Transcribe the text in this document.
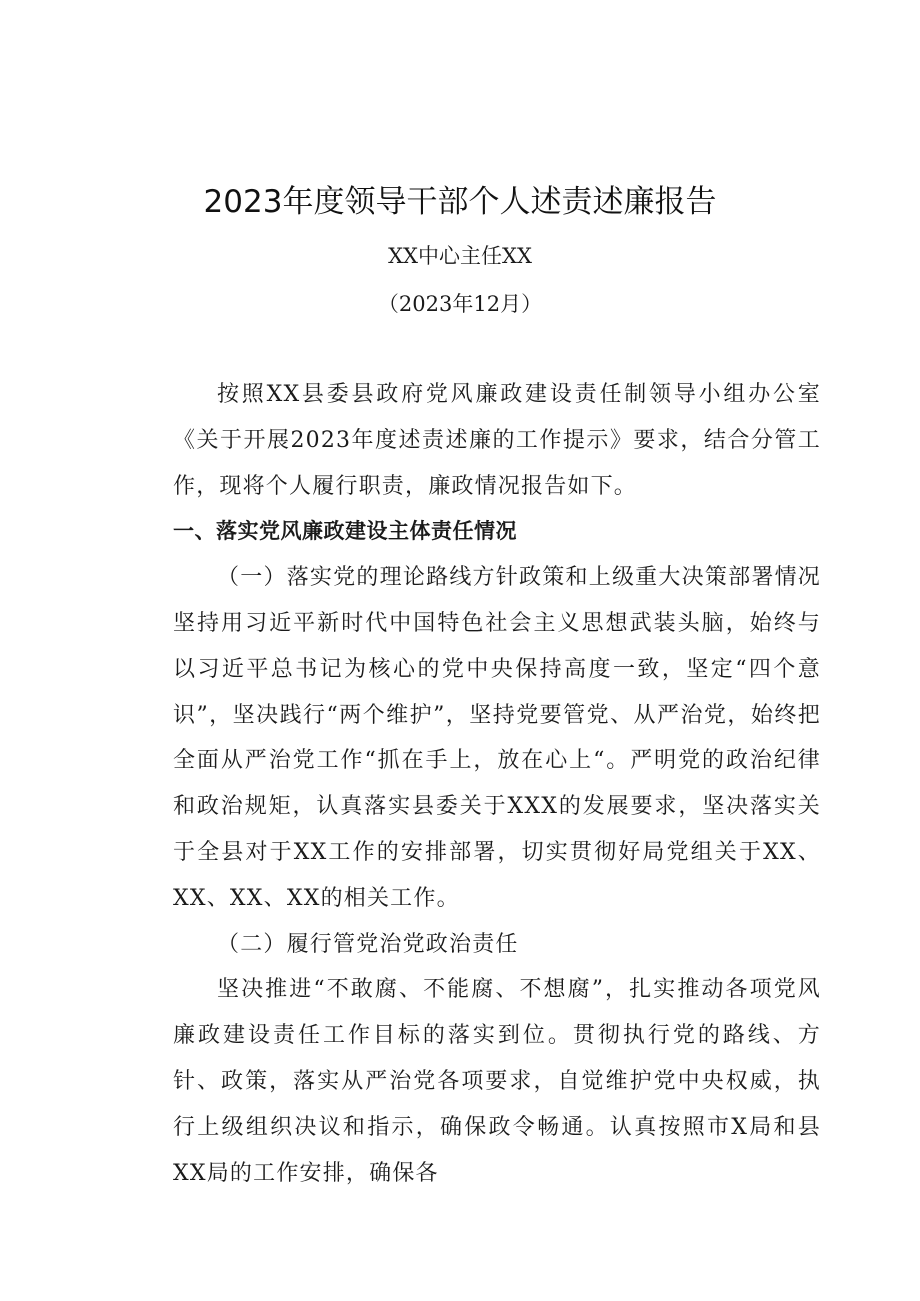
2023年度领导干部个人述责述廉报告
XX中心主任XX
（2023年12月）

按照XX县委县政府党风廉政建设责任制领导小组办公室《关于开展2023年度述责述廉的工作提示》要求，结合分管工作，现将个人履行职责，廉政情况报告如下。

一、落实党风廉政建设主体责任情况

（一）落实党的理论路线方针政策和上级重大决策部署情况坚持用习近平新时代中国特色社会主义思想武装头脑，始终与以习近平总书记为核心的党中央保持高度一致，坚定“四个意识”，坚决践行“两个维护”，坚持党要管党、从严治党，始终把全面从严治党工作“抓在手上，放在心上“。严明党的政治纪律和政治规矩，认真落实县委关于XXX的发展要求，坚决落实关于全县对于XX工作的安排部署，切实贯彻好局党组关于XX、XX、XX、XX的相关工作。

（二）履行管党治党政治责任

坚决推进“不敢腐、不能腐、不想腐”，扎实推动各项党风廉政建设责任工作目标的落实到位。贯彻执行党的路线、方针、政策，落实从严治党各项要求，自觉维护党中央权威，执行上级组织决议和指示，确保政令畅通。认真按照市X局和县XX局的工作安排，确保各
